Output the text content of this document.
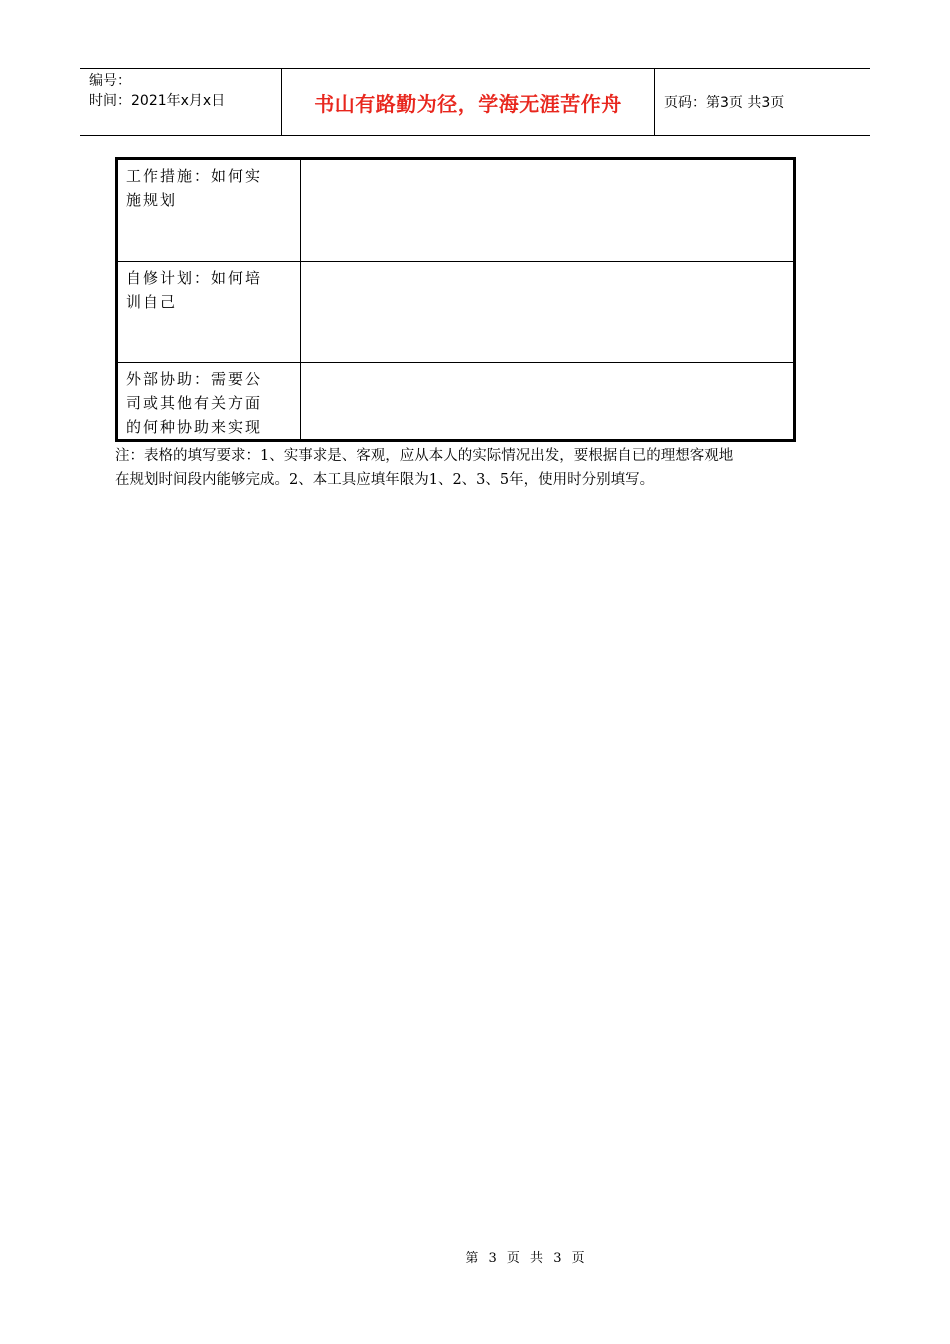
编号：
时间：2021年x月x日	书山有路勤为径，学海无涯苦作舟	页码：第3页 共3页
工作措施：如何实
施规划	

自修计划：如何培
训自己	

外部协助：需要公
司或其他有关方面
的何种协助来实现	

注：表格的填写要求：1、实事求是、客观，应从本人的实际情况出发，要根据自已的理想客观地
在规划时间段内能够完成。2、本工具应填年限为1、2、3、5年，使用时分别填写。
第 3 页 共 3 页
